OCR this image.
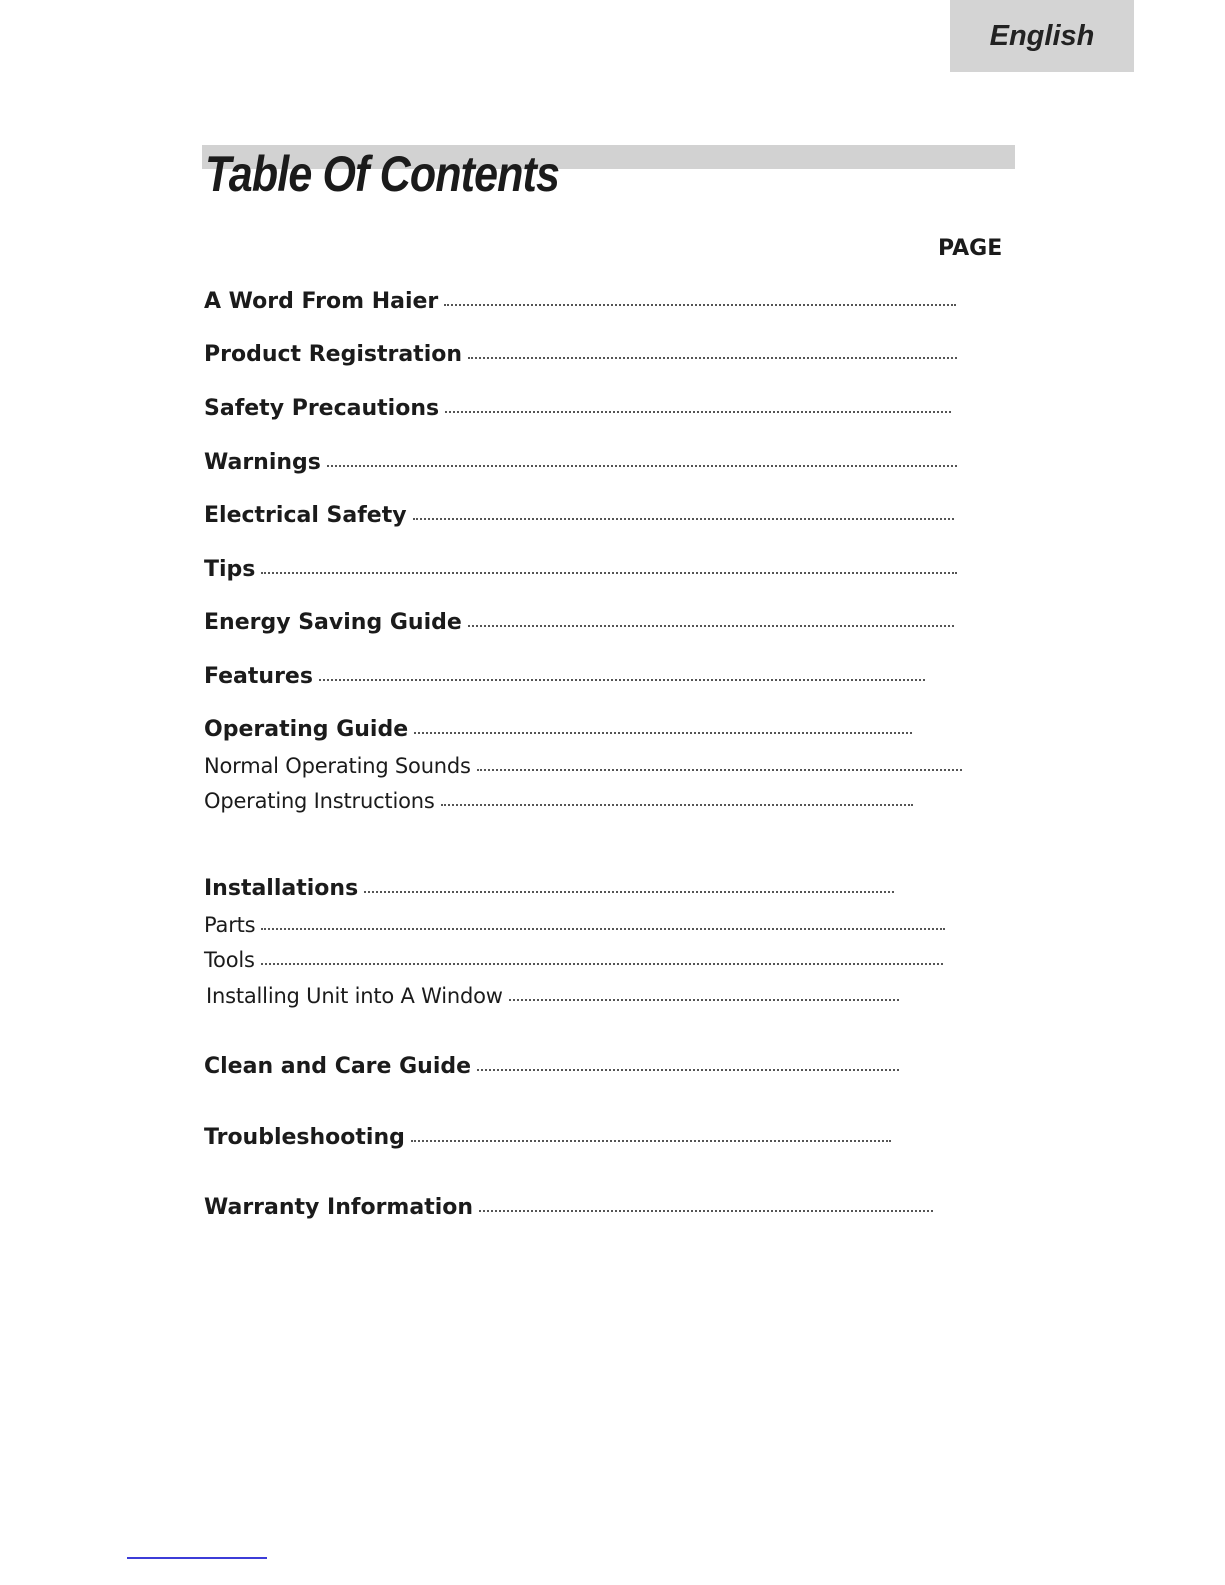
English
Table Of Contents
PAGE
A Word From Haier
Product Registration
Safety Precautions
Warnings
Electrical Safety
Tips
Energy Saving Guide
Features
Operating Guide
Normal Operating Sounds
Operating Instructions
Installations
Parts
Tools
Installing Unit into A Window
Clean and Care Guide
Troubleshooting
Warranty Information
